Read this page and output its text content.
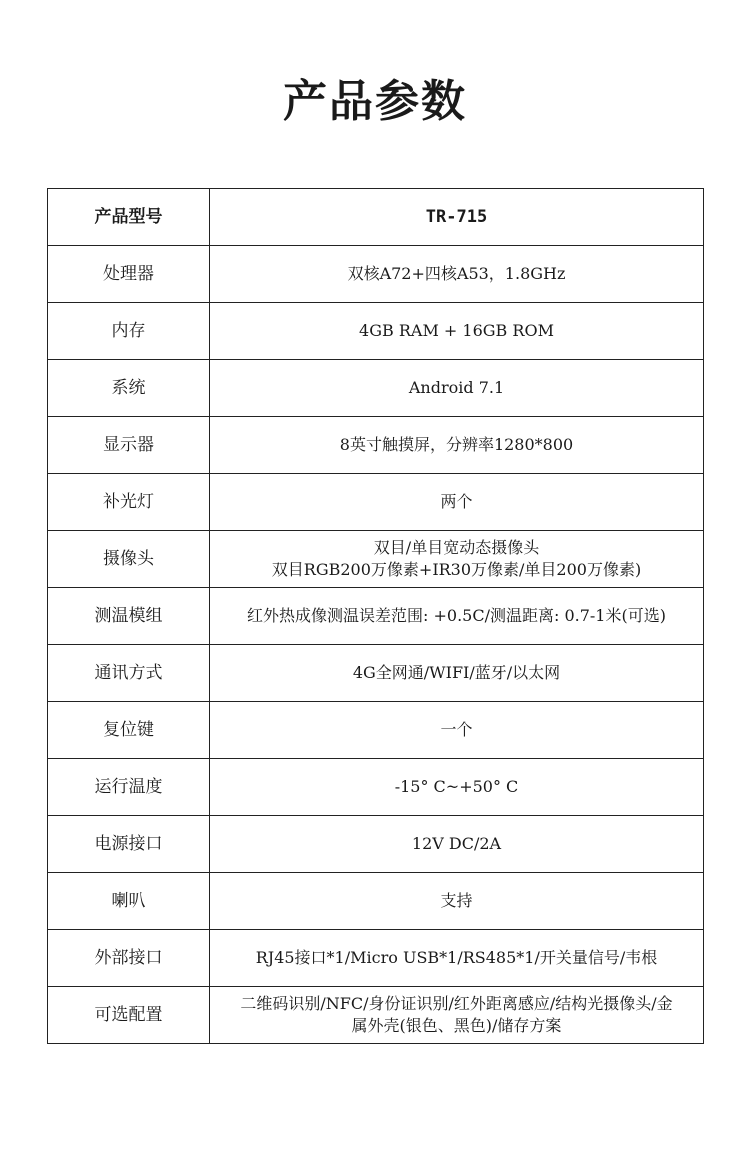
产品参数
产品型号	TR-715
处理器	双核A72+四核A53，1.8GHz

内存	4GB RAM + 16GB ROM

系统	Android 7.1

显示器	8英寸触摸屏，分辨率1280*800

补光灯	两个

摄像头	双目/单目宽动态摄像头
双目RGB200万像素+IR30万像素/单目200万像素)

测温模组	红外热成像测温误差范围: +0.5C/测温距离: 0.7-1米(可选)

通讯方式	4G全网通/WIFI/蓝牙/以太网

复位键	一个

运行温度	-15° C~+50° C

电源接口	12V DC/2A

喇叭	支持

外部接口	RJ45接口*1/Micro USB*1/RS485*1/开关量信号/韦根

可选配置	二维码识别/NFC/身份证识别/红外距离感应/结构光摄像头/金
属外壳(银色、黑色)/储存方案
